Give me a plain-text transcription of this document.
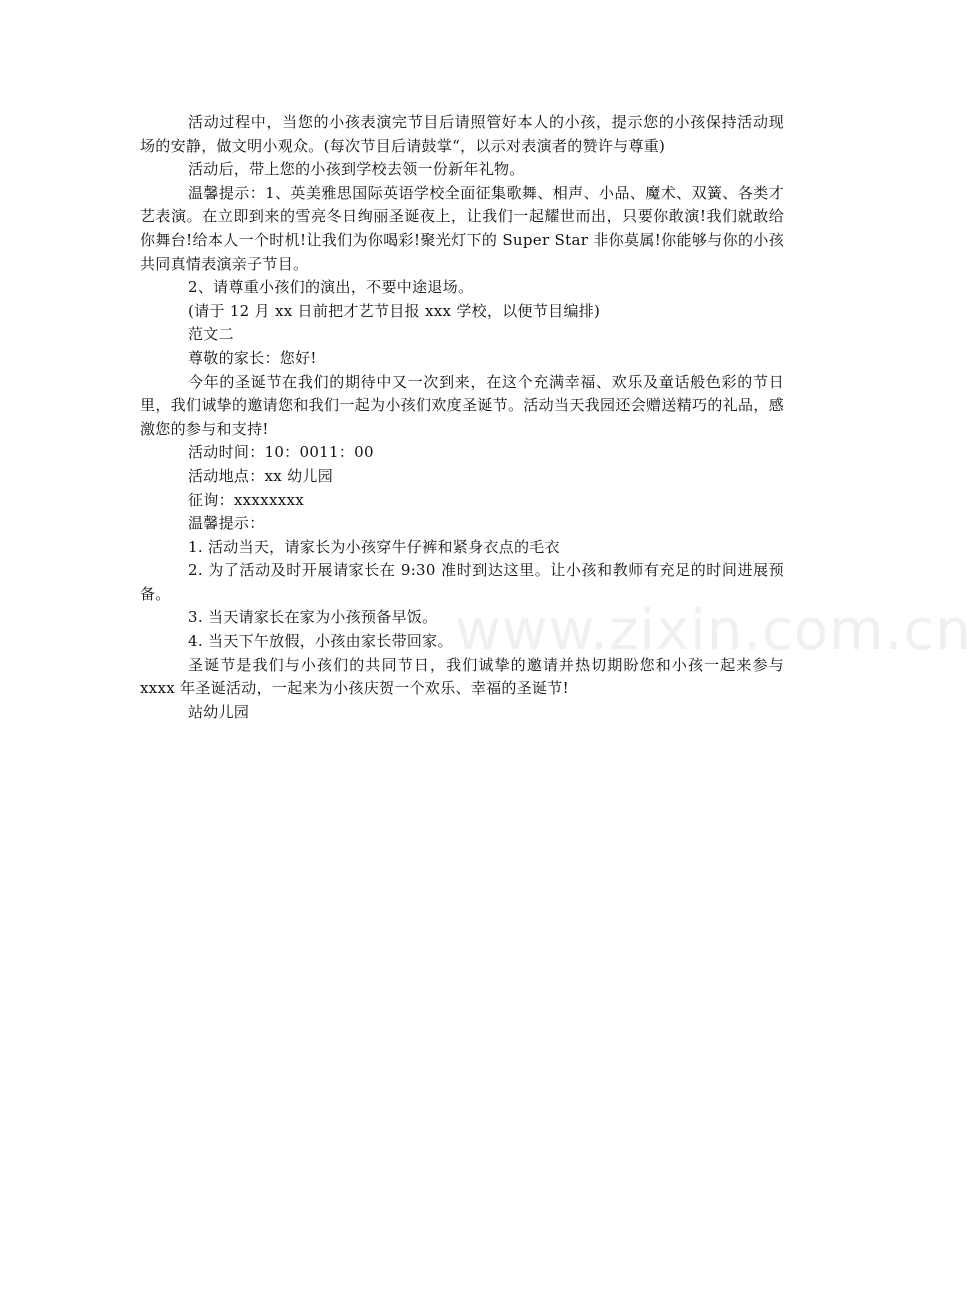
www.zixin.com.cn

活动过程中，当您的小孩表演完节目后请照管好本人的小孩，提示您的小孩保持活动现场的安静，做文明小观众。(每次节目后请鼓掌“，以示对表演者的赞许与尊重)

活动后，带上您的小孩到学校去领一份新年礼物。

温馨提示：1、英美雅思国际英语学校全面征集歌舞、相声、小品、魔术、双簧、各类才艺表演。在立即到来的雪亮冬日绚丽圣诞夜上，让我们一起耀世而出，只要你敢演!我们就敢给你舞台!给本人一个时机!让我们为你喝彩!聚光灯下的 Super Star 非你莫属!你能够与你的小孩共同真情表演亲子节目。

2、请尊重小孩们的演出，不要中途退场。

(请于 12 月 xx 日前把才艺节目报 xxx 学校，以便节目编排)

范文二

尊敬的家长：您好!

今年的圣诞节在我们的期待中又一次到来，在这个充满幸福、欢乐及童话般色彩的节日里，我们诚挚的邀请您和我们一起为小孩们欢度圣诞节。活动当天我园还会赠送精巧的礼品，感激您的参与和支持!

活动时间：10：0011：00

活动地点：xx 幼儿园

征询：xxxxxxxx

温馨提示：

1. 活动当天，请家长为小孩穿牛仔裤和紧身衣点的毛衣

2. 为了活动及时开展请家长在 9:30 准时到达这里。让小孩和教师有充足的时间进展预备。

3. 当天请家长在家为小孩预备早饭。

4. 当天下午放假，小孩由家长带回家。

圣诞节是我们与小孩们的共同节日，我们诚挚的邀请并热切期盼您和小孩一起来参与 xxxx 年圣诞活动，一起来为小孩庆贺一个欢乐、幸福的圣诞节!

站幼儿园
